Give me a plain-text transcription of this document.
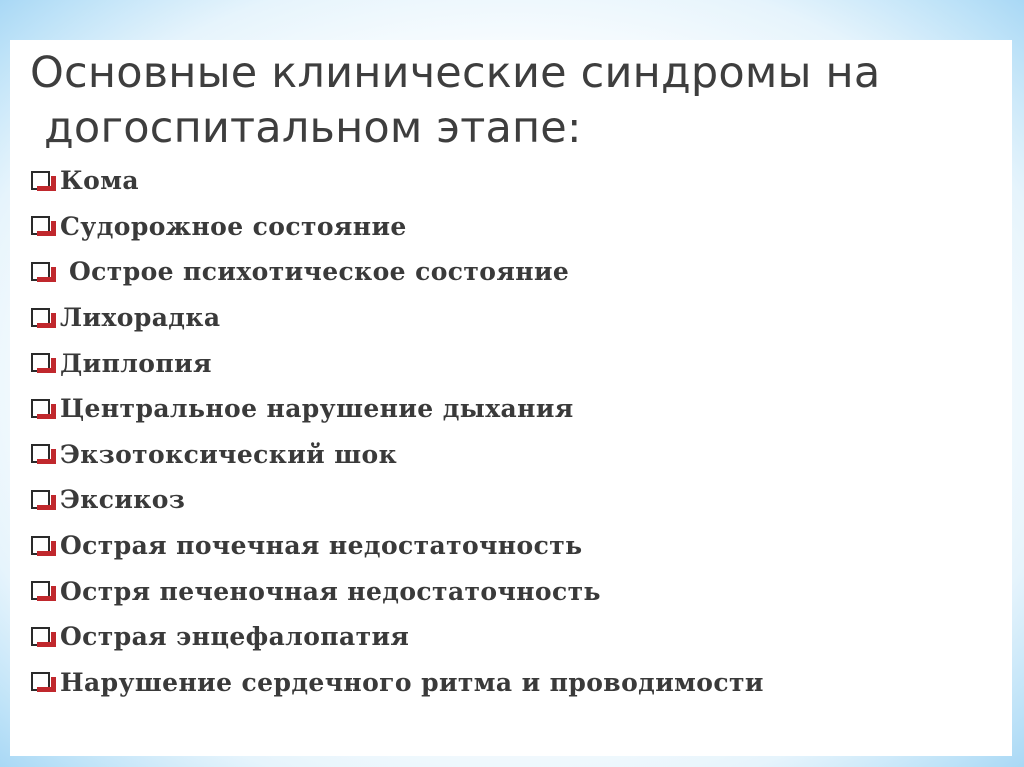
Основные клинические синдромы на
догоспитальном этапе:
Кома
Судорожное состояние
Острое психотическое состояние
Лихорадка
Диплопия
Центральное нарушение дыхания
Экзотоксический шок
Эксикоз
Острая почечная недостаточность
Остря печеночная недостаточность
Острая энцефалопатия
Нарушение сердечного ритма и проводимости
